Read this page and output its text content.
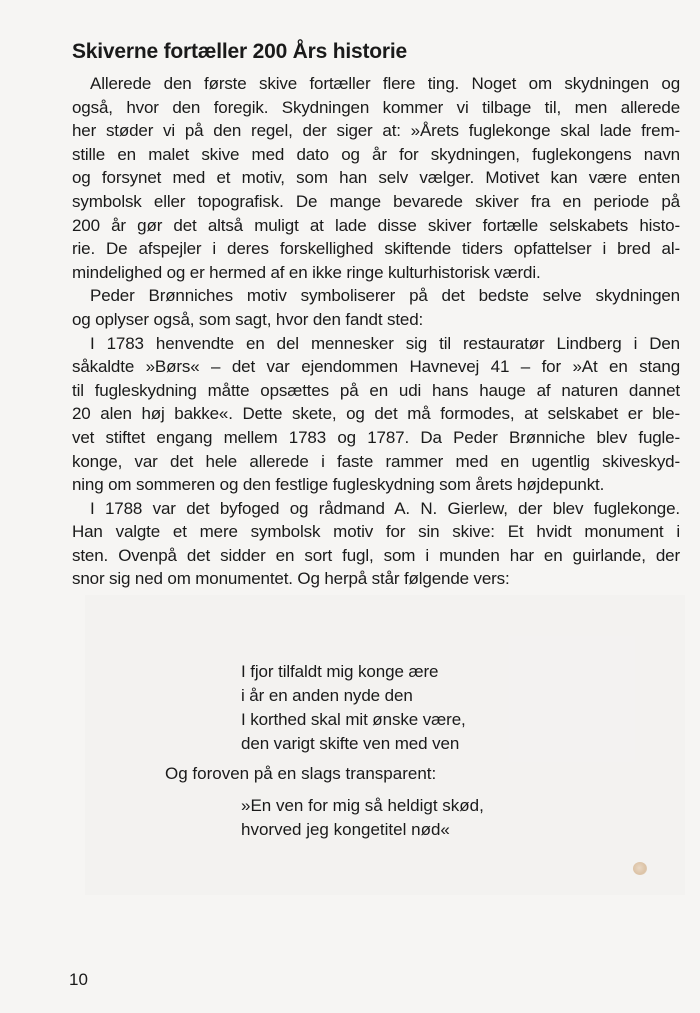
Skiverne fortæller 200 Års historie
Allerede den første skive fortæller flere ting. Noget om skydningen og
også, hvor den foregik. Skydningen kommer vi tilbage til, men allerede
her støder vi på den regel, der siger at: »Årets fuglekonge skal lade frem-
stille en malet skive med dato og år for skydningen, fuglekongens navn
og forsynet med et motiv, som han selv vælger. Motivet kan være enten
symbolsk eller topografisk. De mange bevarede skiver fra en periode på
200 år gør det altså muligt at lade disse skiver fortælle selskabets histo-
rie. De afspejler i deres forskellighed skiftende tiders opfattelser i bred al-
mindelighed og er hermed af en ikke ringe kulturhistorisk værdi.
Peder Brønniches motiv symboliserer på det bedste selve skydningen
og oplyser også, som sagt, hvor den fandt sted:
I 1783 henvendte en del mennesker sig til restauratør Lindberg i Den
såkaldte »Børs« – det var ejendommen Havnevej 41 – for »At en stang
til fugleskydning måtte opsættes på en udi hans hauge af naturen dannet
20 alen høj bakke«. Dette skete, og det må formodes, at selskabet er ble-
vet stiftet engang mellem 1783 og 1787. Da Peder Brønniche blev fugle-
konge, var det hele allerede i faste rammer med en ugentlig skiveskyd-
ning om sommeren og den festlige fugleskydning som årets højdepunkt.
I 1788 var det byfoged og rådmand A. N. Gierlew, der blev fuglekonge.
Han valgte et mere symbolsk motiv for sin skive: Et hvidt monument i
sten. Ovenpå det sidder en sort fugl, som i munden har en guirlande, der
snor sig ned om monumentet. Og herpå står følgende vers:
I fjor tilfaldt mig konge ære
i år en anden nyde den
I korthed skal mit ønske være,
den varigt skifte ven med ven
Og foroven på en slags transparent:
»En ven for mig så heldigt skød,
hvorved jeg kongetitel nød«
10
